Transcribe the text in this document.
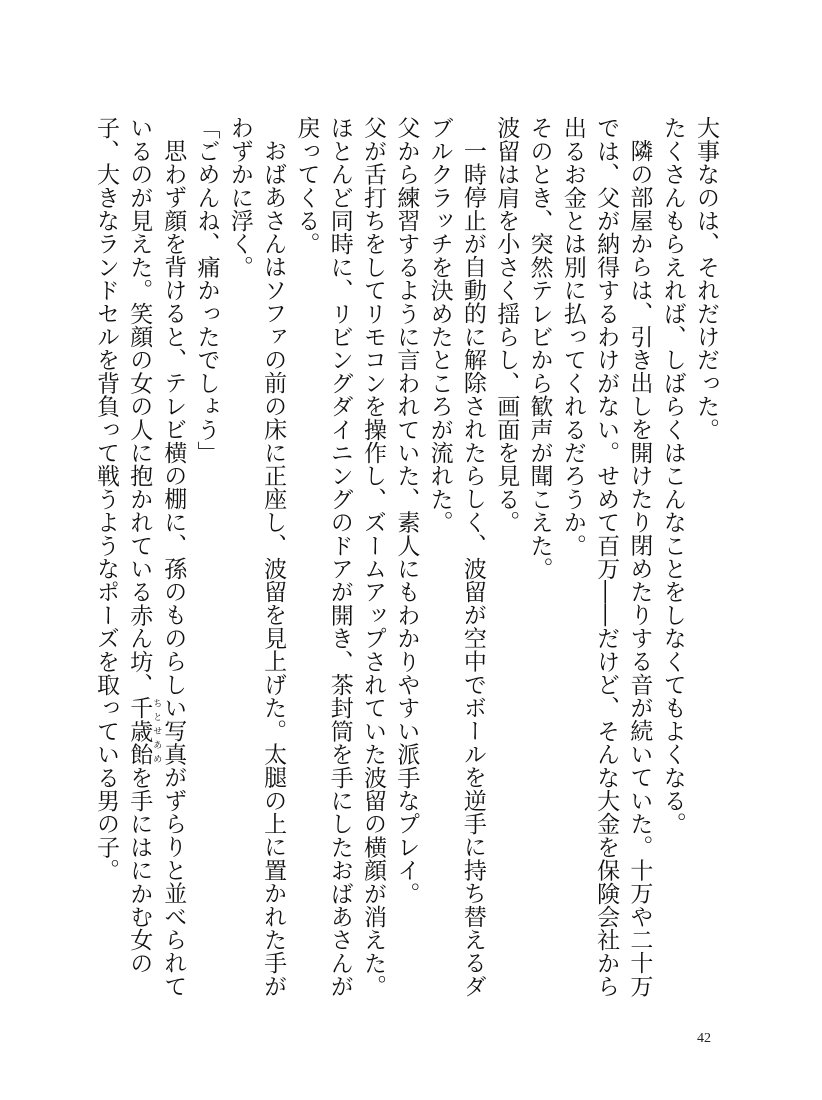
大事なのは、それだけだった。

たくさんもらえれば、しばらくはこんなことをしなくてもよくなる。

隣の部屋からは、引き出しを開けたり閉めたりする音が続いていた。十万や二十万では、父が納得するわけがない。せめて百万――だけど、そんな大金を保険会社から出るお金とは別に払ってくれるだろうか。

そのとき、突然テレビから歓声が聞こえた。

波留は肩を小さく揺らし、画面を見る。

一時停止が自動的に解除されたらしく、波留が空中でボールを逆手に持ち替えるダブルクラッチを決めたところが流れた。

父から練習するように言われていた、素人にもわかりやすい派手なプレイ。

父が舌打ちをしてリモコンを操作し、ズームアップされていた波留の横顔が消えた。

ほとんど同時に、リビングダイニングのドアが開き、茶封筒を手にしたおばあさんが戻ってくる。

おばあさんはソファの前の床に正座し、波留を見上げた。太腿の上に置かれた手がわずかに浮く。

「ごめんね、痛かったでしょう」

思わず顔を背けると、テレビ横の棚に、孫のものらしい写真がずらりと並べられているのが見えた。笑顔の女の人に抱かれている赤ん坊、千歳飴 ちとせあめを手にはにかむ女の子、大きなランドセルを背負って戦うようなポーズを取っている男の子。

42
